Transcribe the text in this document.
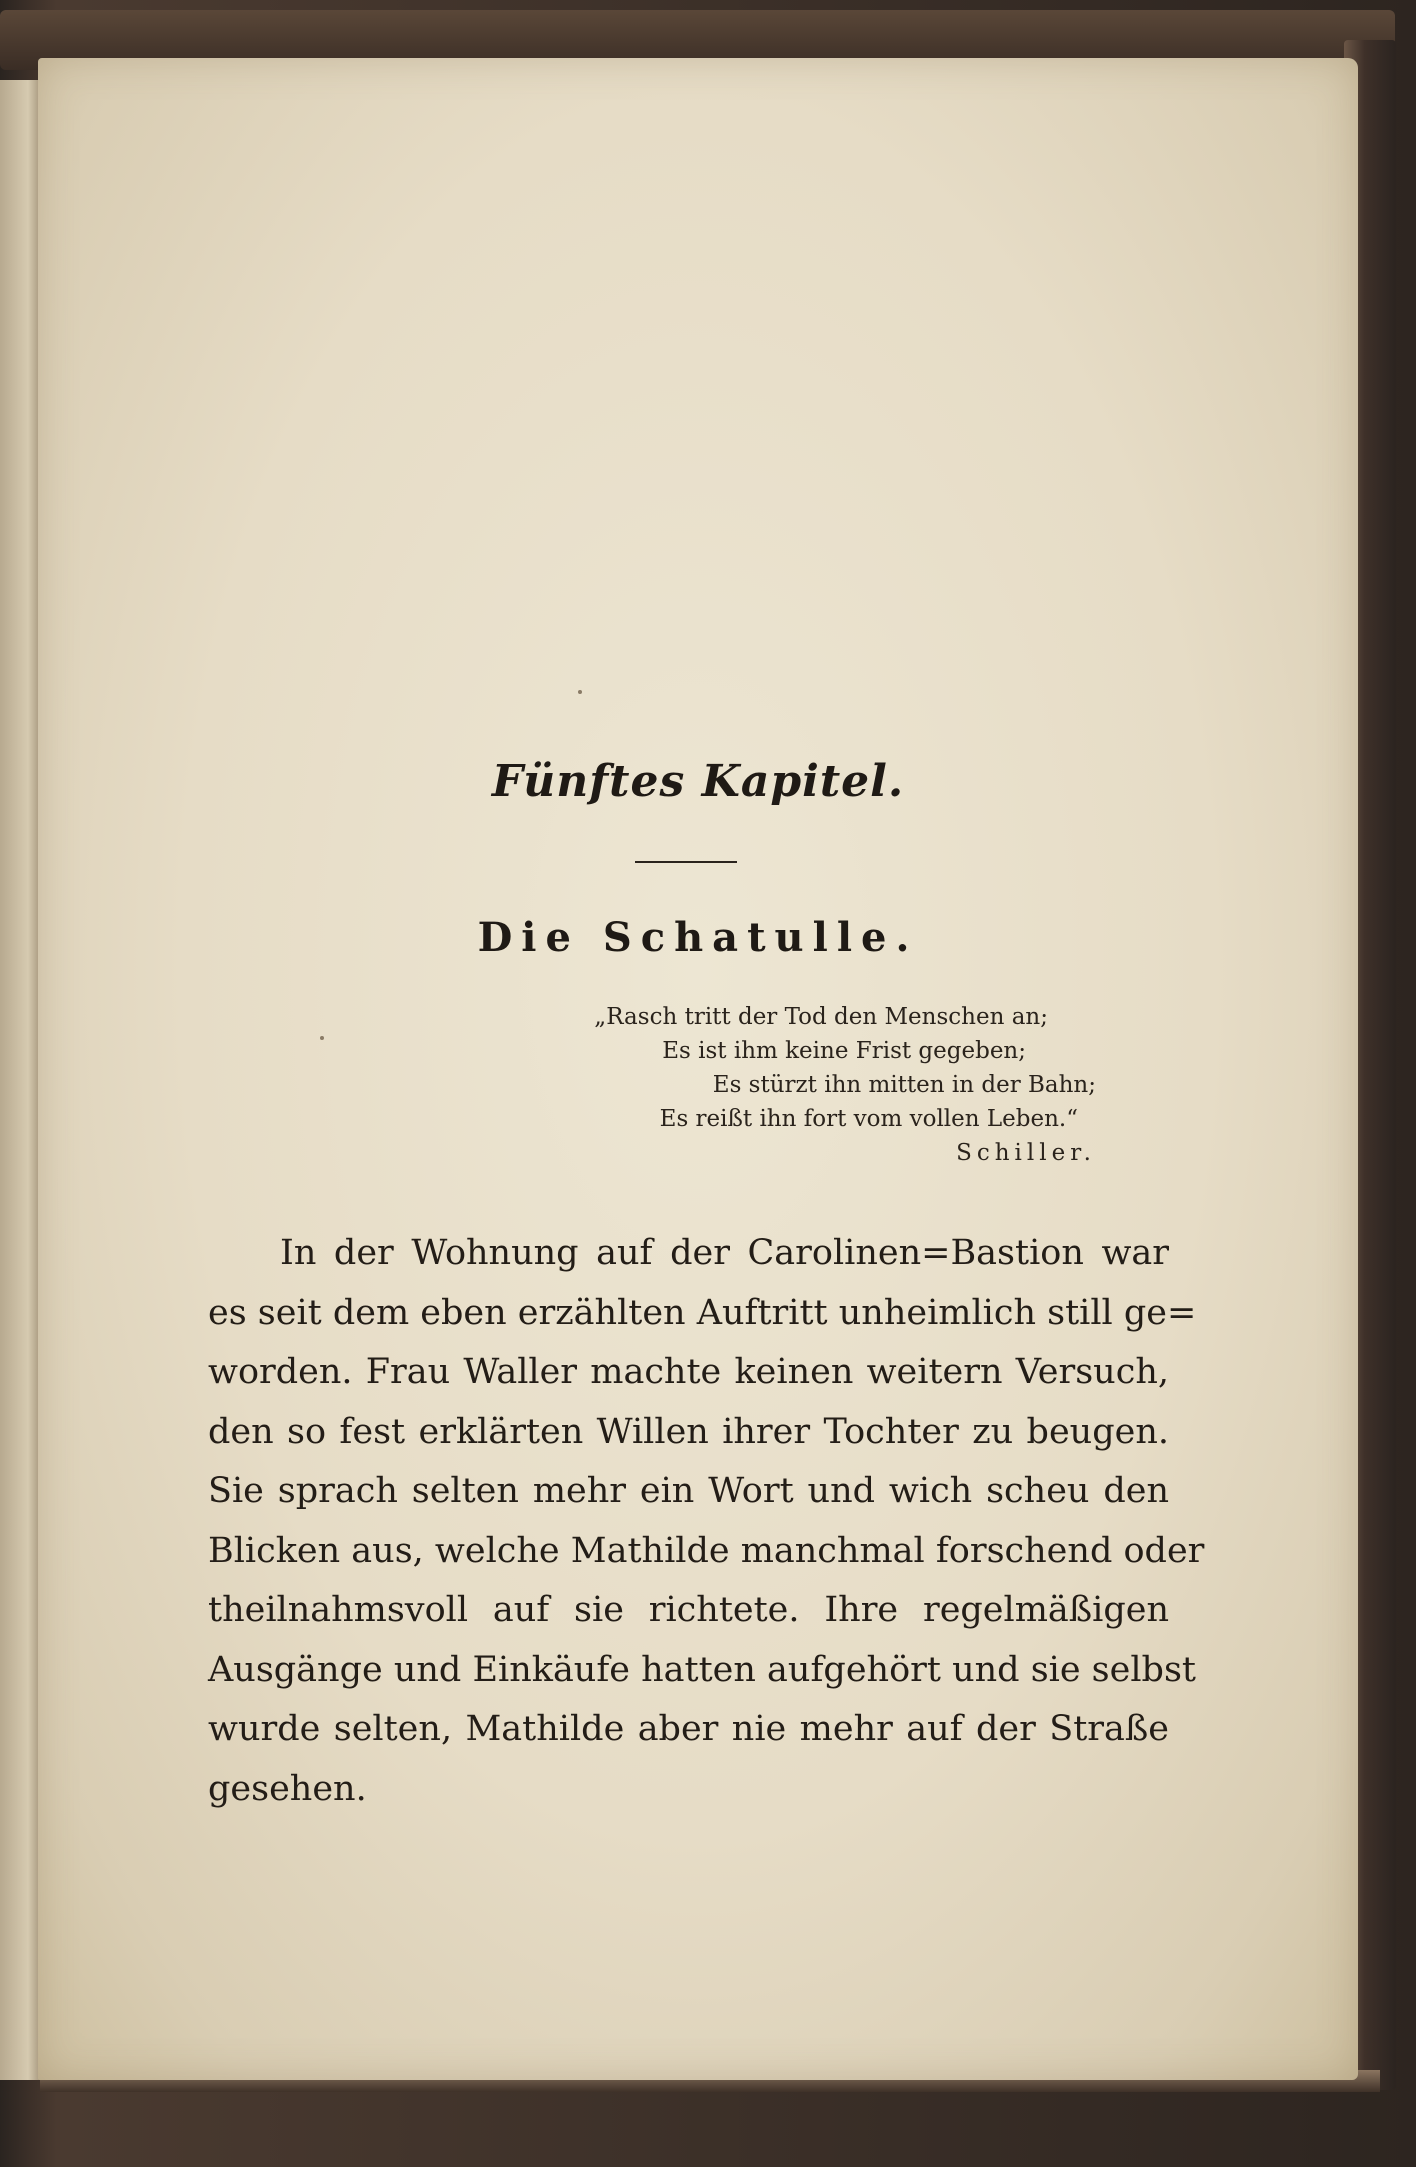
Fünftes Kapitel.
Die Schatulle.
„Rasch tritt der Tod den Menschen an;
Es ist ihm keine Frist gegeben;
Es stürzt ihn mitten in der Bahn;
Es reißt ihn fort vom vollen Leben.“
Schiller.
In der Wohnung auf der Carolinen=Bastion war
es seit dem eben erzählten Auftritt unheimlich still ge=
worden. Frau Waller machte keinen weitern Versuch,
den so fest erklärten Willen ihrer Tochter zu beugen.
Sie sprach selten mehr ein Wort und wich scheu den
Blicken aus, welche Mathilde manchmal forschend oder
theilnahmsvoll auf sie richtete. Ihre regelmäßigen
Ausgänge und Einkäufe hatten aufgehört und sie selbst
wurde selten, Mathilde aber nie mehr auf der Straße
gesehen.
